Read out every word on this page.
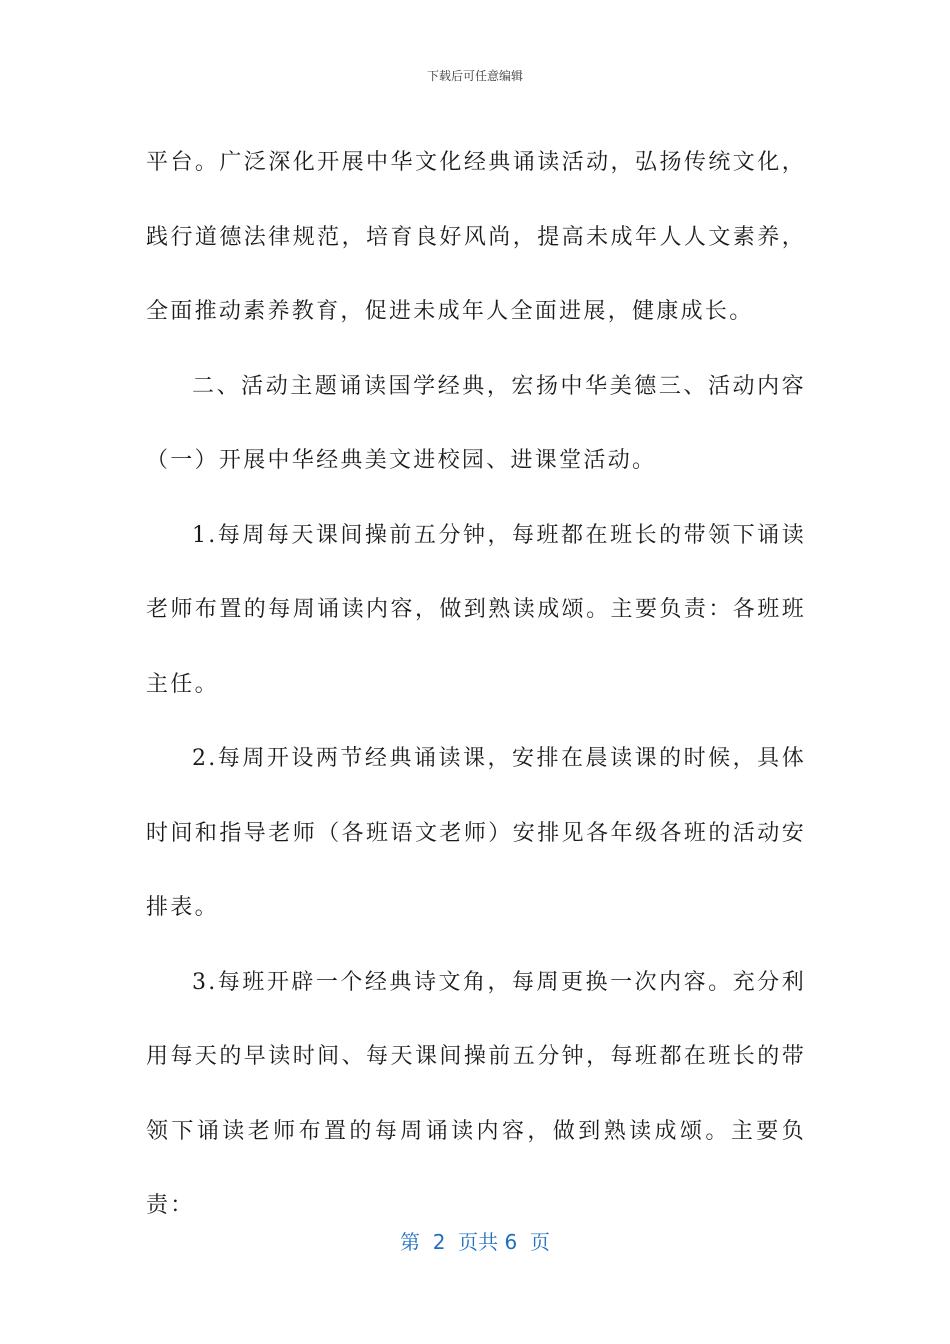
下载后可任意编辑

平台。广泛深化开展中华文化经典诵读活动，弘扬传统文化，践行道德法律规范，培育良好风尚，提高未成年人人文素养，全面推动素养教育，促进未成年人全面进展，健康成长。

二、活动主题诵读国学经典，宏扬中华美德三、活动内容（一）开展中华经典美文进校园、进课堂活动。

1.每周每天课间操前五分钟，每班都在班长的带领下诵读老师布置的每周诵读内容，做到熟读成颂。主要负责：各班班主任。

2.每周开设两节经典诵读课，安排在晨读课的时候，具体时间和指导老师（各班语文老师）安排见各年级各班的活动安排表。

3.每班开辟一个经典诗文角，每周更换一次内容。充分利用每天的早读时间、每天课间操前五分钟，每班都在班长的带领下诵读老师布置的每周诵读内容，做到熟读成颂。主要负责：

第  2  页共 6  页
